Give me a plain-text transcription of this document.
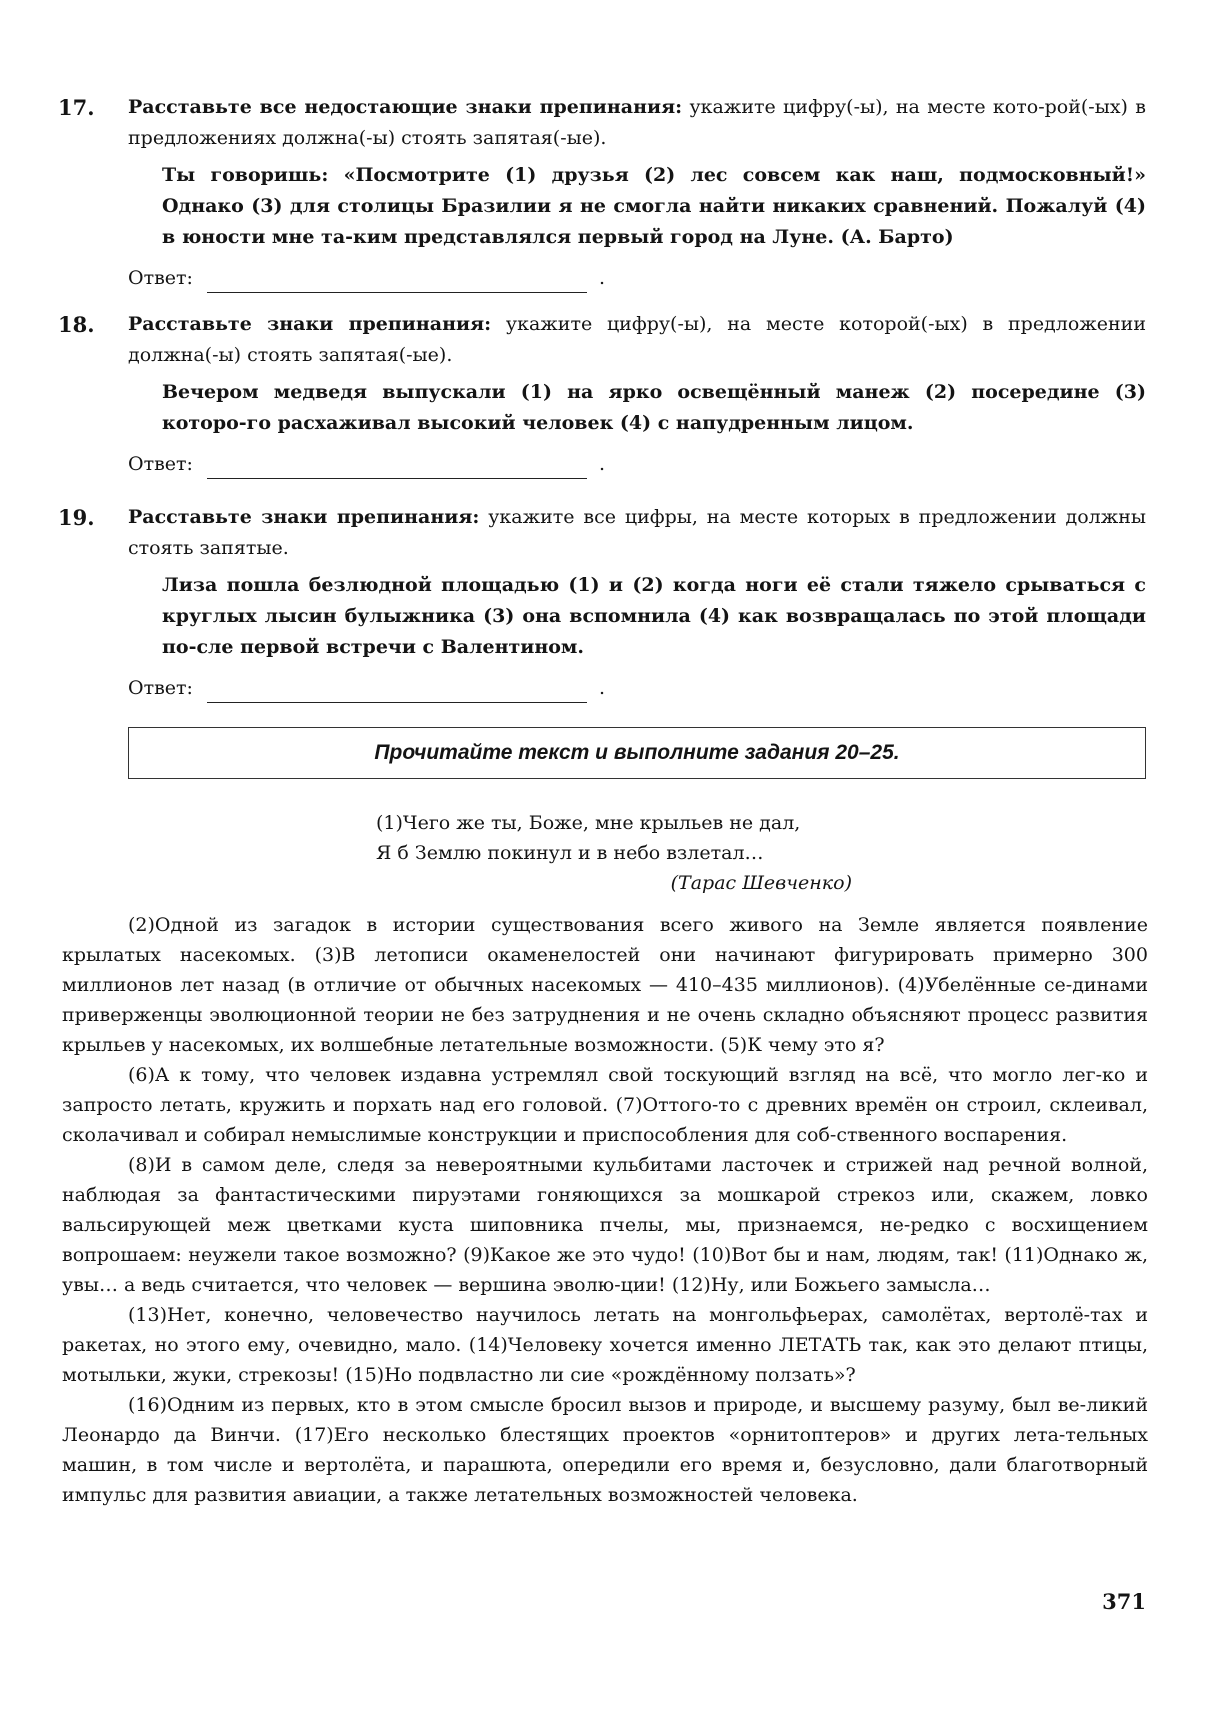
17. Расставьте все недостающие знаки препинания: укажите цифру(-ы), на месте кото-рой(-ых) в предложениях должна(-ы) стоять запятая(-ые).
Ты говоришь: «Посмотрите (1) друзья (2) лес совсем как наш, подмосковный!» Однако (3) для столицы Бразилии я не смогла найти никаких сравнений. Пожалуй (4) в юности мне та-ким представлялся первый город на Луне. (А. Барто)
Ответ:	.
18. Расставьте знаки препинания: укажите цифру(-ы), на месте которой(-ых) в предложении должна(-ы) стоять запятая(-ые).
Вечером медведя выпускали (1) на ярко освещённый манеж (2) посередине (3) которо-го расхаживал высокий человек (4) с напудренным лицом.
Ответ:	.
19. Расставьте знаки препинания: укажите все цифры, на месте которых в предложении должны стоять запятые.
Лиза пошла безлюдной площадью (1) и (2) когда ноги её стали тяжело срываться с круглых лысин булыжника (3) она вспомнила (4) как возвращалась по этой площади по-сле первой встречи с Валентином.
Ответ:	.
Прочитайте текст и выполните задания 20–25.
(1)Чего же ты, Боже, мне крыльев не дал,
Я б Землю покинул и в небо взлетал…
(Тарас Шевченко)

(2)Одной из загадок в истории существования всего живого на Земле является появление крылатых насекомых. (3)В летописи окаменелостей они начинают фигурировать примерно 300 миллионов лет назад (в отличие от обычных насекомых — 410–435 миллионов). (4)Убелённые се-динами приверженцы эволюционной теории не без затруднения и не очень складно объясняют процесс развития крыльев у насекомых, их волшебные летательные возможности. (5)К чему это я?

(6)А к тому, что человек издавна устремлял свой тоскующий взгляд на всё, что могло лег-ко и запросто летать, кружить и порхать над его головой. (7)Оттого-то с древних времён он строил, склеивал, сколачивал и собирал немыслимые конструкции и приспособления для соб-ственного воспарения.

(8)И в самом деле, следя за невероятными кульбитами ласточек и стрижей над речной волной, наблюдая за фантастическими пируэтами гоняющихся за мошкарой стрекоз или, скажем, ловко вальсирующей меж цветками куста шиповника пчелы, мы, признаемся, не-редко с восхищением вопрошаем: неужели такое возможно? (9)Какое же это чудо! (10)Вот бы и нам, людям, так! (11)Однако ж, увы… а ведь считается, что человек — вершина эволю-ции! (12)Ну, или Божьего замысла…

(13)Нет, конечно, человечество научилось летать на монгольфьерах, самолётах, вертолё-тах и ракетах, но этого ему, очевидно, мало. (14)Человеку хочется именно ЛЕТАТЬ так, как это делают птицы, мотыльки, жуки, стрекозы! (15)Но подвластно ли сие «рождённому ползать»?

(16)Одним из первых, кто в этом смысле бросил вызов и природе, и высшему разуму, был ве-ликий Леонардо да Винчи. (17)Его несколько блестящих проектов «орнитоптеров» и других лета-тельных машин, в том числе и вертолёта, и парашюта, опередили его время и, безусловно, дали благотворный импульс для развития авиации, а также летательных возможностей человека.

371
